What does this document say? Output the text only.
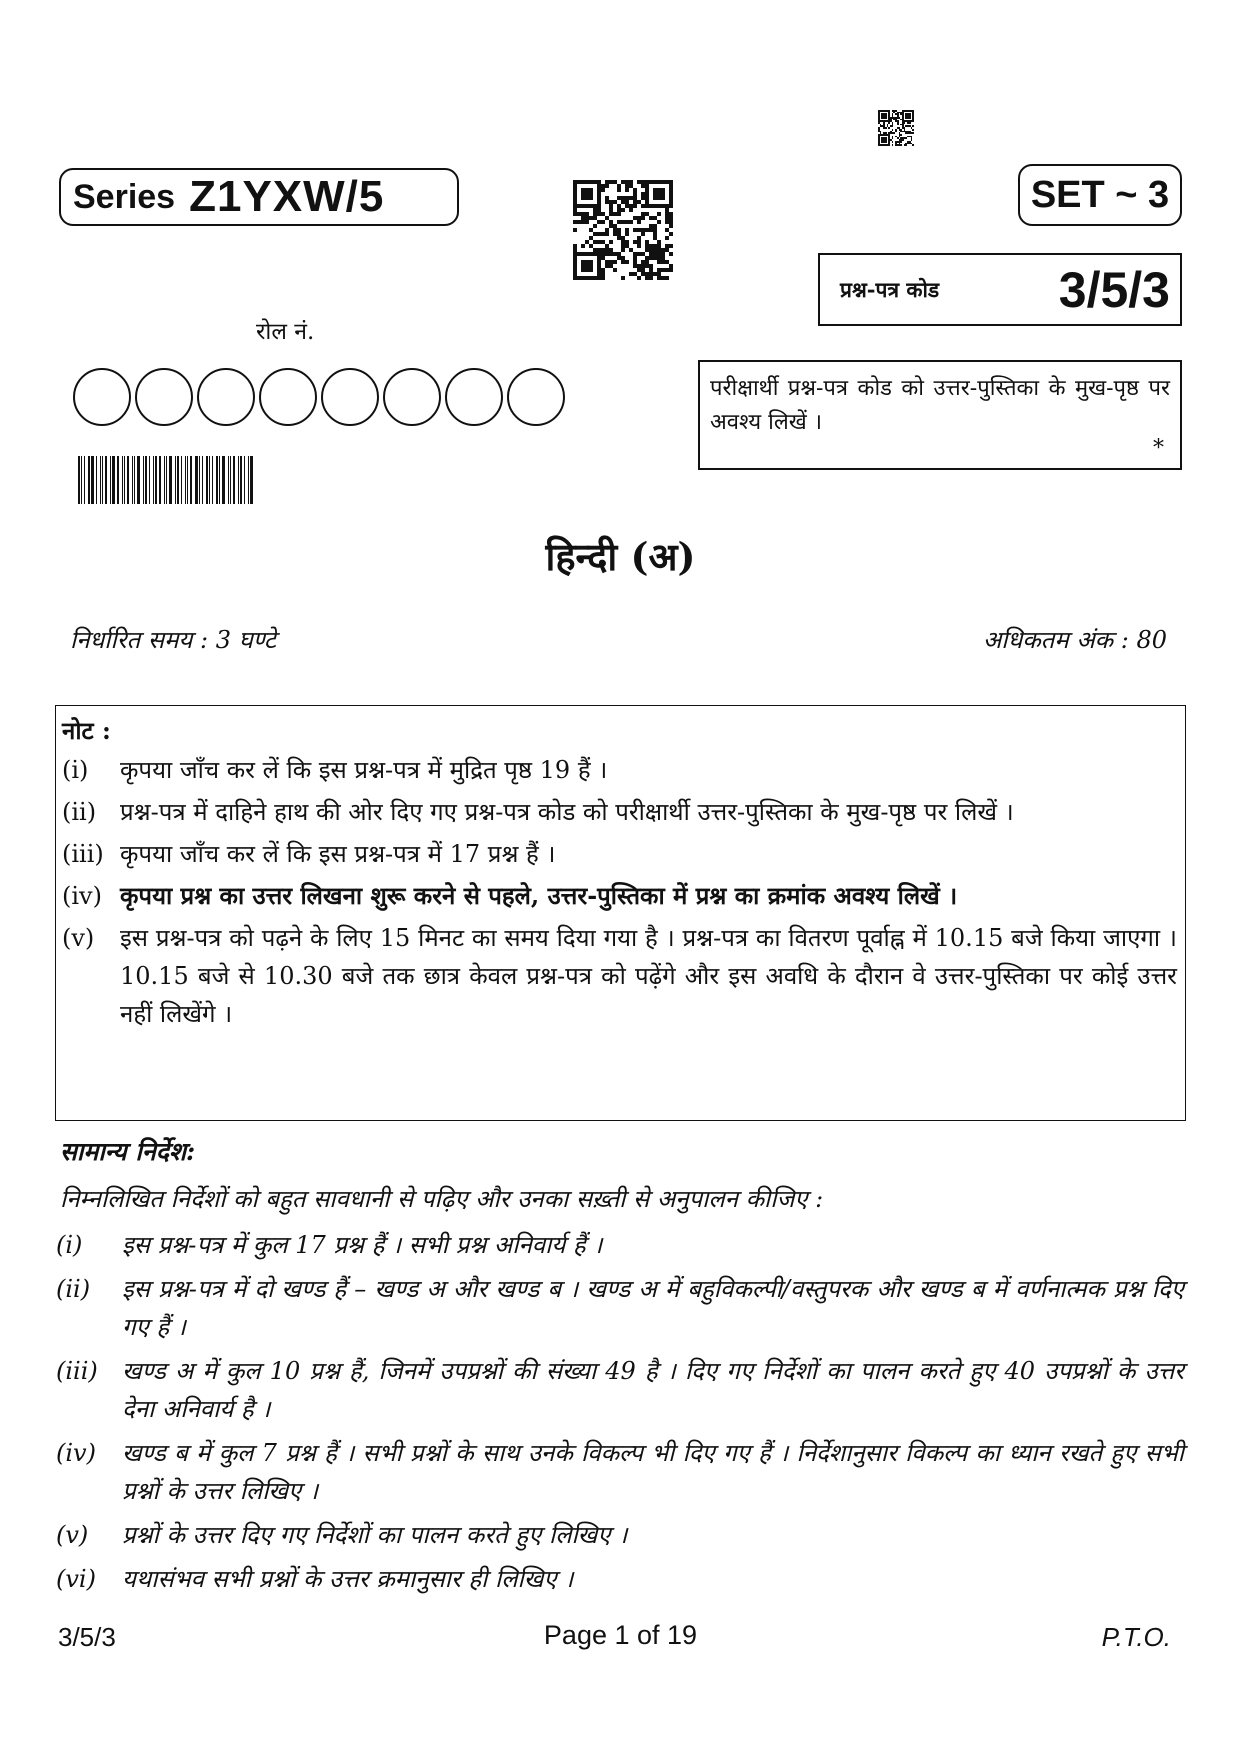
Series Z1YXW/5	SET ~ 3
प्रश्न-पत्र कोड 3/5/3
रोल नं.
परीक्षार्थी प्रश्न-पत्र कोड को उत्तर-पुस्तिका के मुख-पृष्ठ पर अवश्य लिखें ।
*
हिन्दी (अ)
निर्धारित समय : 3 घण्टे	अधिकतम अंक : 80
नोट :
(i)	कृपया जाँच कर लें कि इस प्रश्न-पत्र में मुद्रित पृष्ठ 19 हैं ।
(ii) प्रश्न-पत्र में दाहिने हाथ की ओर दिए गए प्रश्न-पत्र कोड को परीक्षार्थी उत्तर-पुस्तिका के मुख-पृष्ठ पर लिखें ।
(iii) कृपया जाँच कर लें कि इस प्रश्न-पत्र में 17 प्रश्न हैं ।
(iv) कृपया प्रश्न का उत्तर लिखना शुरू करने से पहले, उत्तर-पुस्तिका में प्रश्न का क्रमांक अवश्य लिखें ।
(v)	इस प्रश्न-पत्र को पढ़ने के लिए 15 मिनट का समय दिया गया है । प्रश्न-पत्र का वितरण पूर्वाह्न में 10.15 बजे किया जाएगा । 10.15 बजे से 10.30 बजे तक छात्र केवल प्रश्न-पत्र को पढ़ेंगे और इस अवधि के दौरान वे उत्तर-पुस्तिका पर कोई उत्तर नहीं लिखेंगे ।
सामान्य निर्देश:
निम्नलिखित निर्देशों को बहुत सावधानी से पढ़िए और उनका सख़्ती से अनुपालन कीजिए :
(i)	इस प्रश्न-पत्र में कुल 17 प्रश्न हैं । सभी प्रश्न अनिवार्य हैं ।
(ii)	इस प्रश्न-पत्र में दो खण्ड हैं – खण्ड अ और खण्ड ब । खण्ड अ में बहुविकल्पी/वस्तुपरक और खण्ड ब में वर्णनात्मक प्रश्न दिए गए हैं ।
(iii)	खण्ड अ में कुल 10 प्रश्न हैं, जिनमें उपप्रश्नों की संख्या 49 है । दिए गए निर्देशों का पालन करते हुए 40 उपप्रश्नों के उत्तर देना अनिवार्य है ।
(iv)	खण्ड ब में कुल 7 प्रश्न हैं । सभी प्रश्नों के साथ उनके विकल्प भी दिए गए हैं । निर्देशानुसार विकल्प का ध्यान रखते हुए सभी प्रश्नों के उत्तर लिखिए ।
(v)	प्रश्नों के उत्तर दिए गए निर्देशों का पालन करते हुए लिखिए ।
(vi)	यथासंभव सभी प्रश्नों के उत्तर क्रमानुसार ही लिखिए ।
3/5/3	Page 1 of 19	P.T.O.
